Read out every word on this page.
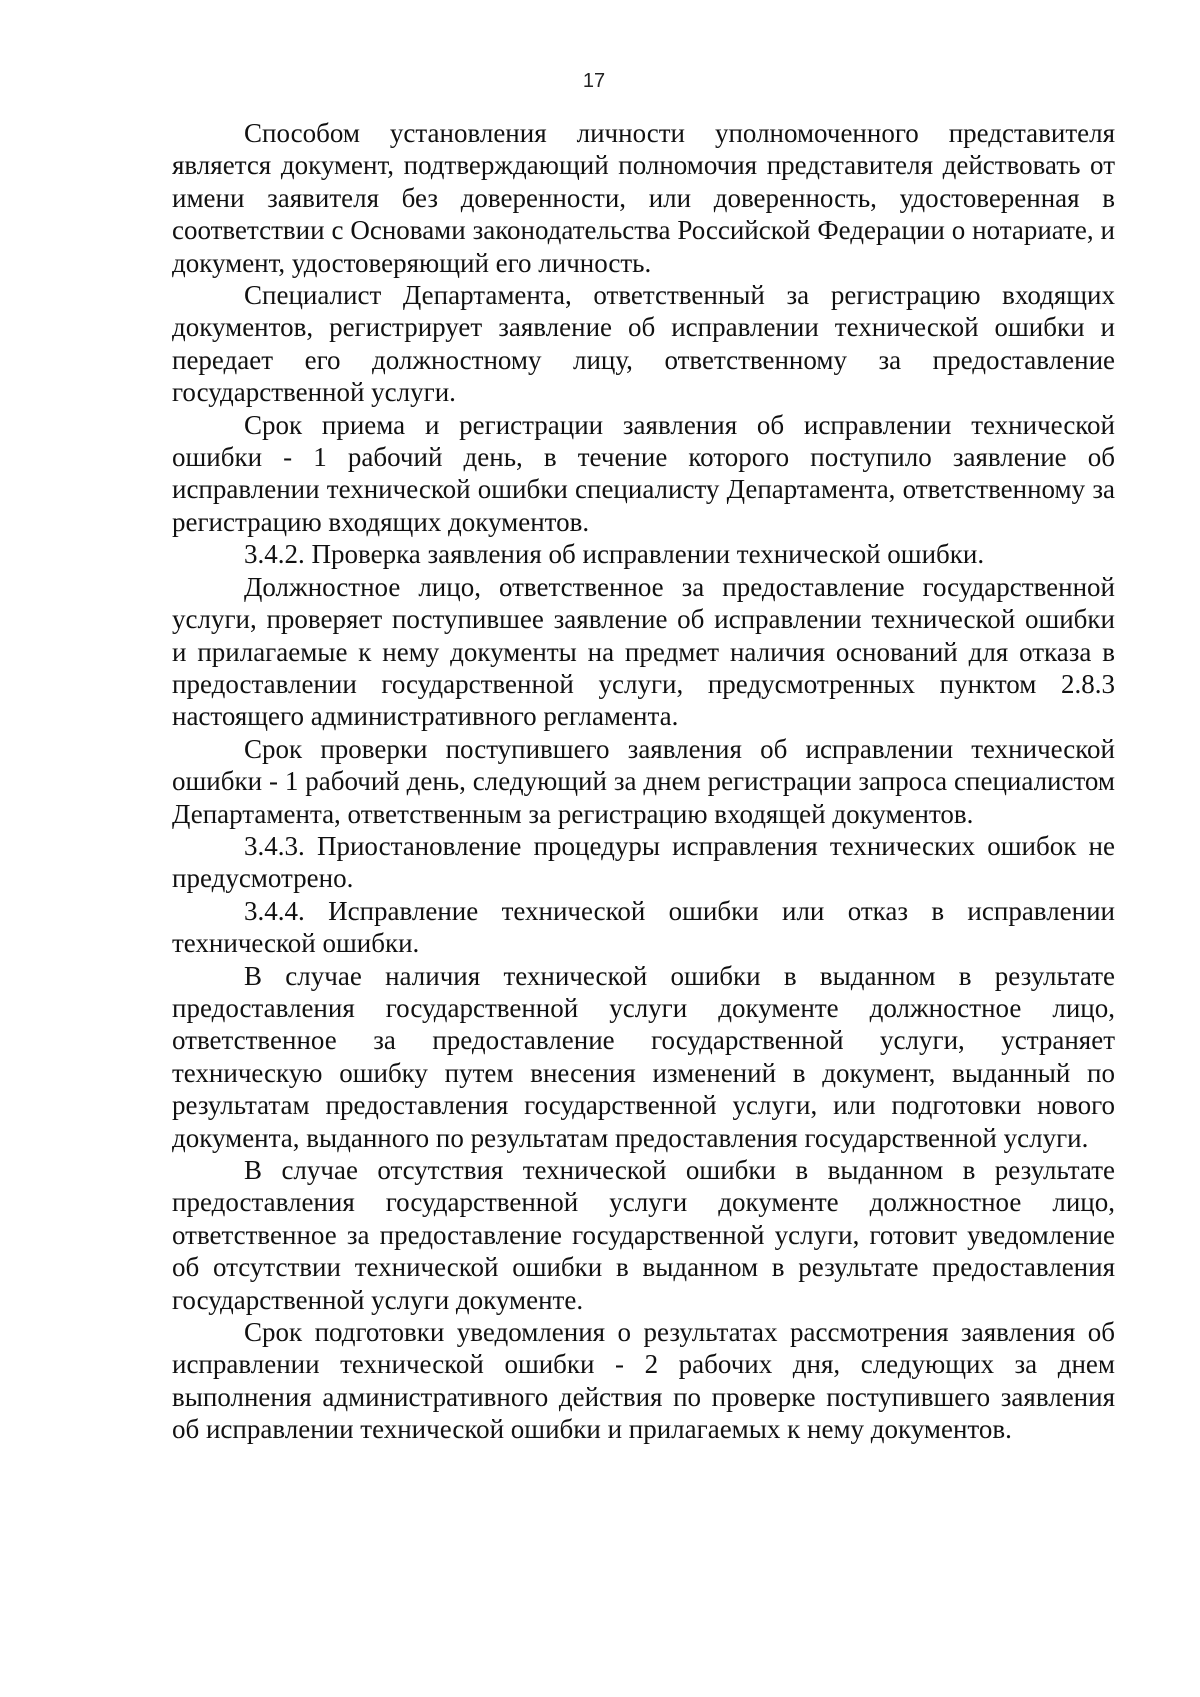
17

Способом установления личности уполномоченного представителя является документ, подтверждающий полномочия представителя действовать от имени заявителя без доверенности, или доверенность, удостоверенная в соответствии с Основами законодательства Российской Федерации о нотариате, и документ, удостоверяющий его личность.

Специалист Департамента, ответственный за регистрацию входящих документов, регистрирует заявление об исправлении технической ошибки и передает его должностному лицу, ответственному за предоставление государственной услуги.

Срок приема и регистрации заявления об исправлении технической ошибки - 1 рабочий день, в течение которого поступило заявление об исправлении технической ошибки специалисту Департамента, ответственному за регистрацию входящих документов.

3.4.2. Проверка заявления об исправлении технической ошибки.

Должностное лицо, ответственное за предоставление государственной услуги, проверяет поступившее заявление об исправлении технической ошибки и прилагаемые к нему документы на предмет наличия оснований для отказа в предоставлении государственной услуги, предусмотренных пунктом 2.8.3 настоящего административного регламента.

Срок проверки поступившего заявления об исправлении технической ошибки - 1 рабочий день, следующий за днем регистрации запроса специалистом Департамента, ответственным за регистрацию входящей документов.

3.4.3. Приостановление процедуры исправления технических ошибок не предусмотрено.

3.4.4. Исправление технической ошибки или отказ в исправлении технической ошибки.

В случае наличия технической ошибки в выданном в результате предоставления государственной услуги документе должностное лицо, ответственное за предоставление государственной услуги, устраняет техническую ошибку путем внесения изменений в документ, выданный по результатам предоставления государственной услуги, или подготовки нового документа, выданного по результатам предоставления государственной услуги.

В случае отсутствия технической ошибки в выданном в результате предоставления государственной услуги документе должностное лицо, ответственное за предоставление государственной услуги, готовит уведомление об отсутствии технической ошибки в выданном в результате предоставления государственной услуги документе.

Срок подготовки уведомления о результатах рассмотрения заявления об исправлении технической ошибки - 2 рабочих дня, следующих за днем выполнения административного действия по проверке поступившего заявления об исправлении технической ошибки и прилагаемых к нему документов.
